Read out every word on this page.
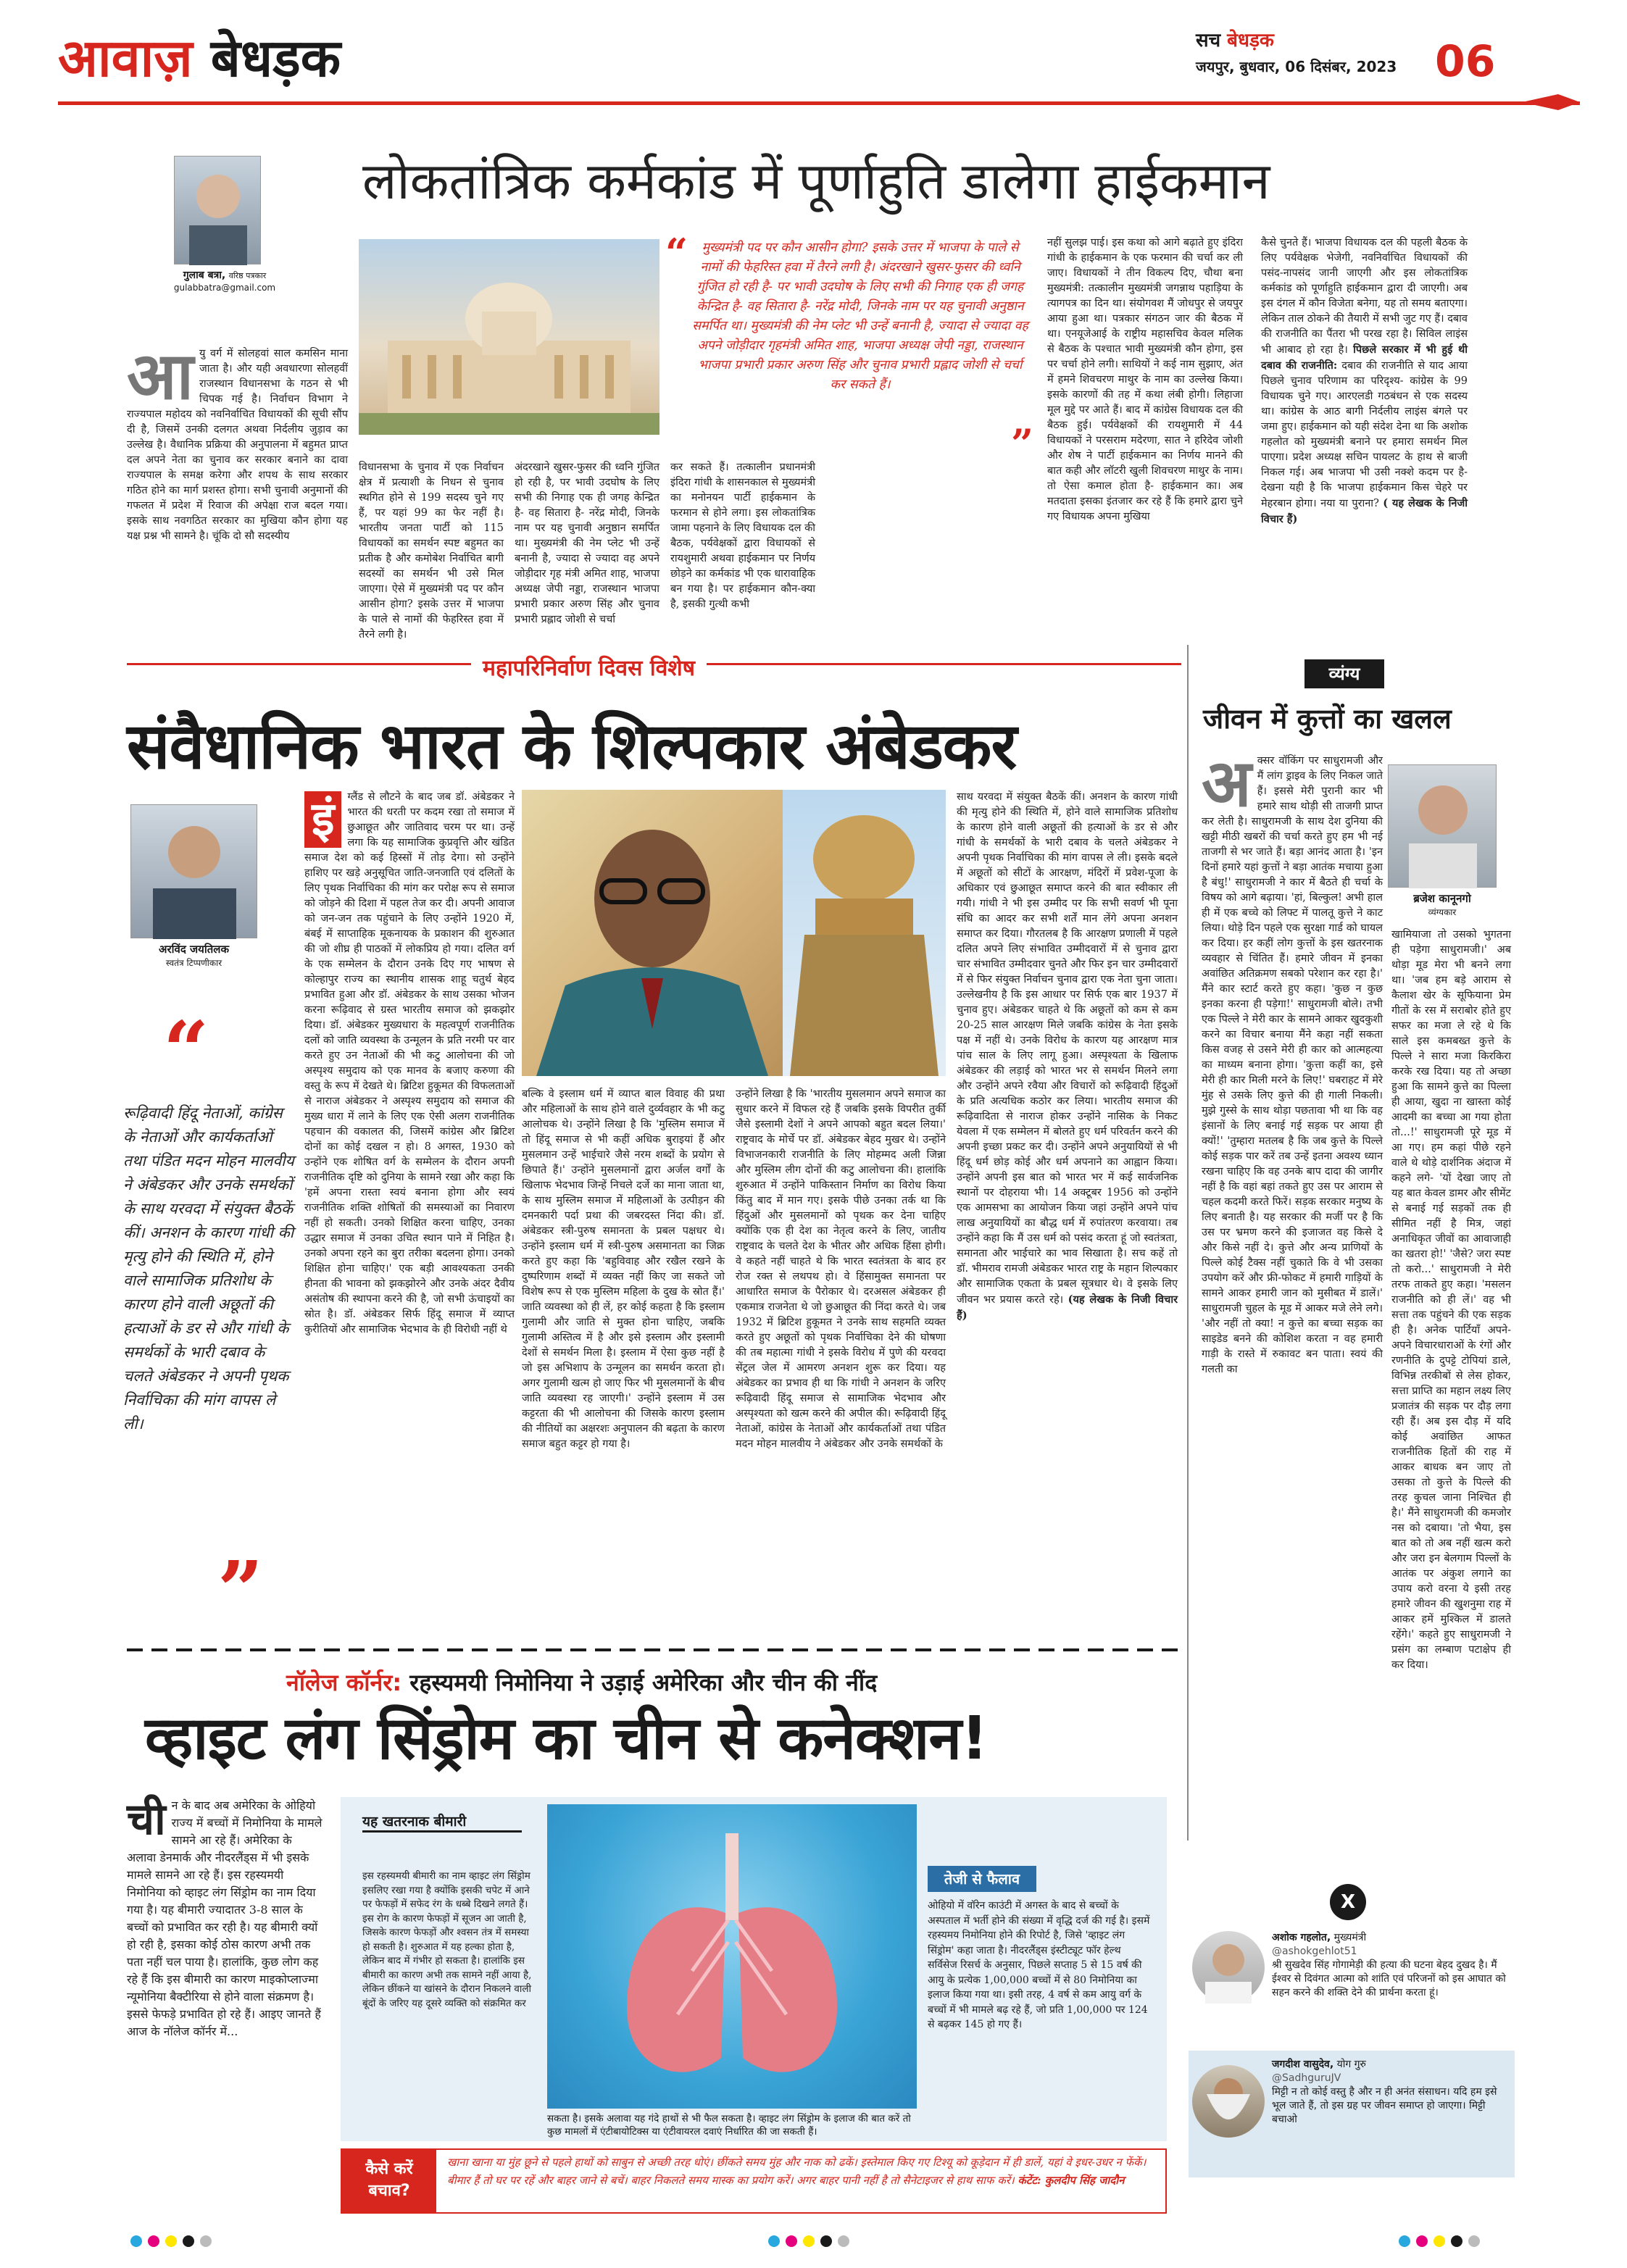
आवाज़ बेधड़क	सच बेधड़क
जयपुर, बुधवार, 06 दिसंबर, 2023 06
गुलाब बत्रा, वरिष्ठ पत्रकार
gulabbatra@gmail.com
लोकतांत्रिक कर्मकांड में पूर्णाहुति डालेगा हाईकमान
“	मुख्यमंत्री पद पर कौन आसीन होगा? इसके उत्तर में भाजपा के पाले से नामों की फेहरिस्त हवा में तैरने लगी है। अंदरखाने खुसर-फुसर की ध्वनि गुंजित हो रही है- पर भावी उदघोष के लिए सभी की निगाह एक ही जगह केन्द्रित है- वह सितारा है- नरेंद्र मोदी, जिनके नाम पर यह चुनावी अनुष्ठान समर्पित था। मुख्यमंत्री की नेम प्लेट भी उन्हें बनानी है, ज्यादा से ज्यादा वह अपने जोड़ीदार गृहमंत्री अमित शाह, भाजपा अध्यक्ष जेपी नड्डा, राजस्थान भाजपा प्रभारी प्रकार अरुण सिंह और चुनाव प्रभारी प्रह्लाद जोशी से चर्चा कर सकते हैं।
”
आ यु वर्ग में सोलहवां साल कमसिन माना जाता है। और यही अवधारणा सोलहवीं राजस्थान विधानसभा के गठन से भी चिपक गई है। निर्वाचन विभाग ने राज्यपाल महोदय को नवनिर्वाचित विधायकों की सूची सौंप दी है, जिसमें उनकी दलगत अथवा निर्दलीय जुड़ाव का उल्लेख है। वैधानिक प्रक्रिया की अनुपालना में बहुमत प्राप्त दल अपने नेता का चुनाव कर सरकार बनाने का दावा राज्यपाल के समक्ष करेगा और शपथ के साथ सरकार गठित होने का मार्ग प्रशस्त होगा। सभी चुनावी अनुमानों की गफलत में प्रदेश में रिवाज की अपेक्षा राज बदल गया। इसके साथ नवगठित सरकार का मुखिया कौन होगा यह यक्ष प्रश्न भी सामने है। चूंकि दो सौ सदस्यीय
विधानसभा के चुनाव में एक निर्वाचन क्षेत्र में प्रत्याशी के निधन से चुनाव स्थगित होने से 199 सदस्य चुने गए हैं, पर यहां 99 का फेर नहीं है। भारतीय जनता पार्टी को 115 विधायकों का समर्थन स्पष्ट बहुमत का प्रतीक है और कमोबेश निर्वाचित बागी सदस्यों का समर्थन भी उसे मिल जाएगा। ऐसे में मुख्यमंत्री पद पर कौन आसीन होगा? इसके उत्तर में भाजपा के पाले से नामों की फेहरिस्त हवा में तैरने लगी है।
अंदरखाने खुसर-फुसर की ध्वनि गुंजित हो रही है, पर भावी उदघोष के लिए सभी की निगाह एक ही जगह केन्द्रित है- वह सितारा है- नरेंद्र मोदी, जिनके नाम पर यह चुनावी अनुष्ठान समर्पित था। मुख्यमंत्री की नेम प्लेट भी उन्हें बनानी है, ज्यादा से ज्यादा वह अपने जोड़ीदार गृह मंत्री अमित शाह, भाजपा अध्यक्ष जेपी नड्डा, राजस्थान भाजपा प्रभारी प्रकार अरुण सिंह और चुनाव प्रभारी प्रह्लाद जोशी से चर्चा
कर सकते हैं। तत्कालीन प्रधानमंत्री इंदिरा गांधी के शासनकाल से मुख्यमंत्री का मनोनयन पार्टी हाईकमान के फरमान से होने लगा। इस लोकतांत्रिक जामा पहनाने के लिए विधायक दल की बैठक, पर्यवेक्षकों द्वारा विधायकों से रायशुमारी अथवा हाईकमान पर निर्णय छोड़ने का कर्मकांड भी एक धारावाहिक बन गया है। पर हाईकमान कौन-क्या है, इसकी गुत्थी कभी
नहीं सुलझ पाई। इस कथा को आगे बढ़ाते हुए इंदिरा गांधी के हाईकमान के एक फरमान की चर्चा कर ली जाए। विधायकों ने तीन विकल्प दिए, चौथा बना मुख्यमंत्री: तत्कालीन मुख्यमंत्री जगन्नाथ पहाड़िया के त्यागपत्र का दिन था। संयोगवश मैं जोधपुर से जयपुर आया हुआ था। पत्रकार संगठन जार की बैठक में था। एनयूजेआई के राष्ट्रीय महासचिव केवल मलिक से बैठक के पश्चात भावी मुख्यमंत्री कौन होगा, इस पर चर्चा होने लगी। साथियों ने कई नाम सुझाए, अंत में हमने शिवचरण माथुर के नाम का उल्लेख किया। इसके कारणों की तह में कथा लंबी होगी। लिहाजा मूल मुद्दे पर आते हैं। बाद में कांग्रेस विधायक दल की बैठक हुई। पर्यवेक्षकों की रायशुमारी में 44 विधायकों ने परसराम मदेरणा, सात ने हरिदेव जोशी और शेष ने पार्टी हाईकमान का निर्णय मानने की बात कही और लॉटरी खुली शिवचरण माथुर के नाम। तो ऐसा कमाल होता है- हाईकमान का। अब मतदाता इसका इंतजार कर रहे हैं कि हमारे द्वारा चुने गए विधायक अपना मुखिया
कैसे चुनते हैं। भाजपा विधायक दल की पहली बैठक के लिए पर्यवेक्षक भेजेगी, नवनिर्वाचित विधायकों की पसंद-नापसंद जानी जाएगी और इस लोकतांत्रिक कर्मकांड को पूर्णाहुति हाईकमान द्वारा दी जाएगी। अब इस दंगल में कौन विजेता बनेगा, यह तो समय बताएगा। लेकिन ताल ठोकने की तैयारी में सभी जुट गए हैं। दबाव की राजनीति का पैंतरा भी परख रहा है। सिविल लाइंस भी आबाद हो रहा है। पिछले सरकार में भी हुई थी दबाव की राजनीति: दबाव की राजनीति से याद आया पिछले चुनाव परिणाम का परिदृश्य- कांग्रेस के 99 विधायक चुने गए। आरएलडी गठबंधन से एक सदस्य था। कांग्रेस के आठ बागी निर्दलीय लाइंस बंगले पर जमा हुए। हाईकमान को यही संदेश देना था कि अशोक गहलोत को मुख्यमंत्री बनाने पर हमारा समर्थन मिल पाएगा। प्रदेश अध्यक्ष सचिन पायलट के हाथ से बाजी निकल गई। अब भाजपा भी उसी नक्शे कदम पर है- देखना यही है कि भाजपा हाईकमान किस चेहरे पर मेहरबान होगा। नया या पुराना? ( यह लेखक के निजी विचार हैं)
महापरिनिर्वाण दिवस विशेष
संवैधानिक भारत के शिल्पकार अंबेडकर
अरविंद जयतिलक
स्वतंत्र टिप्पणीकार
“
रूढ़िवादी हिंदू नेताओं, कांग्रेस के नेताओं और कार्यकर्ताओं तथा पंडित मदन मोहन मालवीय ने अंबेडकर और उनके समर्थकों के साथ यरवदा में संयुक्त बैठकें कीं। अनशन के कारण गांधी की मृत्यु होने की स्थिति में, होने वाले सामाजिक प्रतिशोध के कारण होने वाली अछूतों की हत्याओं के डर से और गांधी के समर्थकों के भारी दबाव के चलते अंबेडकर ने अपनी पृथक निर्वाचिका की मांग वापस ले ली।
”
इं	ग्लैंड से लौटने के बाद जब डॉ. अंबेडकर ने भारत की धरती पर कदम रखा तो समाज में छुआछूत और जातिवाद चरम पर था। उन्हें लगा कि यह सामाजिक कुप्रवृत्ति और खंडित समाज देश को कई हिस्सों में तोड़ देगा। सो उन्होंने हाशिए पर खड़े अनुसूचित जाति-जनजाति एवं दलितों के लिए पृथक निर्वाचिका की मांग कर परोक्ष रूप से समाज को जोड़ने की दिशा में पहल तेज कर दी। अपनी आवाज को जन-जन तक पहुंचाने के लिए उन्होंने 1920 में, बंबई में साप्ताहिक मूकनायक के प्रकाशन की शुरुआत की जो शीघ्र ही पाठकों में लोकप्रिय हो गया। दलित वर्ग के एक सम्मेलन के दौरान उनके दिए गए भाषण से कोल्हापुर राज्य का स्थानीय शासक शाहू चतुर्थ बेहद प्रभावित हुआ और डॉ. अंबेडकर के साथ उसका भोजन करना रूढ़िवाद से ग्रस्त भारतीय समाज को झकझोर दिया। डॉ. अंबेडकर मुख्यधारा के महत्वपूर्ण राजनीतिक दलों को जाति व्यवस्था के उन्मूलन के प्रति नरमी पर वार करते हुए उन नेताओं की भी कटु आलोचना की जो अस्पृश्य समुदाय को एक मानव के बजाए करुणा की वस्तु के रूप में देखते थे। ब्रिटिश हुकूमत की विफलताओं से नाराज अंबेडकर ने अस्पृश्य समुदाय को समाज की मुख्य धारा में लाने के लिए एक ऐसी अलग राजनीतिक पहचान की वकालत की, जिसमें कांग्रेस और ब्रिटिश दोनों का कोई दखल न हो। 8 अगस्त, 1930 को उन्होंने एक शोषित वर्ग के सम्मेलन के दौरान अपनी राजनीतिक दृष्टि को दुनिया के सामने रखा और कहा कि 'हमें अपना रास्ता स्वयं बनाना होगा और स्वयं राजनीतिक शक्ति शोषितों की समस्याओं का निवारण नहीं हो सकती। उनको शिक्षित करना चाहिए, उनका उद्धार समाज में उनका उचित स्थान पाने में निहित है। उनको अपना रहने का बुरा तरीका बदलना होगा। उनको शिक्षित होना चाहिए।' एक बड़ी आवश्यकता उनकी हीनता की भावना को झकझोरने और उनके अंदर दैवीय असंतोष की स्थापना करने की है, जो सभी ऊंचाइयों का स्रोत है। डॉ. अंबेडकर सिर्फ हिंदू समाज में व्याप्त कुरीतियों और सामाजिक भेदभाव के ही विरोधी नहीं थे
बल्कि वे इस्लाम धर्म में व्याप्त बाल विवाह की प्रथा और महिलाओं के साथ होने वाले दुर्व्यवहार के भी कटु आलोचक थे। उन्होंने लिखा है कि 'मुस्लिम समाज में तो हिंदू समाज से भी कहीं अधिक बुराइयां हैं और मुसलमान उन्हें भाईचारे जैसे नरम शब्दों के प्रयोग से छिपाते हैं।' उन्होंने मुसलमानों द्वारा अर्जल वर्गों के खिलाफ भेदभाव जिन्हें निचले दर्जे का माना जाता था, के साथ मुस्लिम समाज में महिलाओं के उत्पीड़न की दमनकारी पर्दा प्रथा की जबरदस्त निंदा की। डॉ. अंबेडकर स्त्री-पुरुष समानता के प्रबल पक्षधर थे। उन्होंने इस्लाम धर्म में स्त्री-पुरुष असमानता का जिक्र करते हुए कहा कि 'बहुविवाह और रखैल रखने के दुष्परिणाम शब्दों में व्यक्त नहीं किए जा सकते जो विशेष रूप से एक मुस्लिम महिला के दुख के स्रोत हैं।' जाति व्यवस्था को ही लें, हर कोई कहता है कि इस्लाम गुलामी और जाति से मुक्त होना चाहिए, जबकि गुलामी अस्तित्व में है और इसे इस्लाम और इस्लामी देशों से समर्थन मिला है। इस्लाम में ऐसा कुछ नहीं है जो इस अभिशाप के उन्मूलन का समर्थन करता हो। अगर गुलामी खत्म हो जाए फिर भी मुसलमानों के बीच जाति व्यवस्था रह जाएगी।' उन्होंने इस्लाम में उस कट्टरता की भी आलोचना की जिसके कारण इस्लाम की नीतियों का अक्षरशः अनुपालन की बढ़ता के कारण समाज बहुत कट्टर हो गया है।
उन्होंने लिखा है कि 'भारतीय मुसलमान अपने समाज का सुधार करने में विफल रहे हैं जबकि इसके विपरीत तुर्की जैसे इस्लामी देशों ने अपने आपको बहुत बदल लिया।' राष्ट्रवाद के मोर्चे पर डॉ. अंबेडकर बेहद मुखर थे। उन्होंने विभाजनकारी राजनीति के लिए मोहम्मद अली जिन्ना और मुस्लिम लीग दोनों की कटु आलोचना की। हालांकि शुरुआत में उन्होंने पाकिस्तान निर्माण का विरोध किया किंतु बाद में मान गए। इसके पीछे उनका तर्क था कि हिंदुओं और मुसलमानों को पृथक कर देना चाहिए क्योंकि एक ही देश का नेतृत्व करने के लिए, जातीय राष्ट्रवाद के चलते देश के भीतर और अधिक हिंसा होगी। वे कहते नहीं चाहते थे कि भारत स्वतंत्रता के बाद हर रोज रक्त से लथपथ हो। वे हिंसामुक्त समानता पर आधारित समाज के पैरोकार थे। दरअसल अंबेडकर ही एकमात्र राजनेता थे जो छुआछूत की निंदा करते थे। जब 1932 में ब्रिटिश हुकूमत ने उनके साथ सहमति व्यक्त करते हुए अछूतों को पृथक निर्वाचिका देने की घोषणा की तब महात्मा गांधी ने इसके विरोध में पुणे की यरवदा सेंट्रल जेल में आमरण अनशन शुरू कर दिया। यह अंबेडकर का प्रभाव ही था कि गांधी ने अनशन के जरिए रूढ़िवादी हिंदू समाज से सामाजिक भेदभाव और अस्पृश्यता को खत्म करने की अपील की। रूढ़िवादी हिंदू नेताओं, कांग्रेस के नेताओं और कार्यकर्ताओं तथा पंडित मदन मोहन मालवीय ने अंबेडकर और उनके समर्थकों के
साथ यरवदा में संयुक्त बैठकें कीं। अनशन के कारण गांधी की मृत्यु होने की स्थिति में, होने वाले सामाजिक प्रतिशोध के कारण होने वाली अछूतों की हत्याओं के डर से और गांधी के समर्थकों के भारी दबाव के चलते अंबेडकर ने अपनी पृथक निर्वाचिका की मांग वापस ले ली। इसके बदले में अछूतों को सीटों के आरक्षण, मंदिरों में प्रवेश-पूजा के अधिकार एवं छुआछूत समाप्त करने की बात स्वीकार ली गयी। गांधी ने भी इस उम्मीद पर कि सभी सवर्ण भी पूना संधि का आदर कर सभी शर्तें मान लेंगे अपना अनशन समाप्त कर दिया। गौरतलब है कि आरक्षण प्रणाली में पहले दलित अपने लिए संभावित उम्मीदवारों में से चुनाव द्वारा चार संभावित उम्मीदवार चुनते और फिर इन चार उम्मीदवारों में से फिर संयुक्त निर्वाचन चुनाव द्वारा एक नेता चुना जाता। उल्लेखनीय है कि इस आधार पर सिर्फ एक बार 1937 में चुनाव हुए। अंबेडकर चाहते थे कि अछूतों को कम से कम 20-25 साल आरक्षण मिले जबकि कांग्रेस के नेता इसके पक्ष में नहीं थे। उनके विरोध के कारण यह आरक्षण मात्र पांच साल के लिए लागू हुआ। अस्पृश्यता के खिलाफ अंबेडकर की लड़ाई को भारत भर से समर्थन मिलने लगा और उन्होंने अपने रवैया और विचारों को रूढ़िवादी हिंदुओं के प्रति अत्यधिक कठोर कर लिया। भारतीय समाज की रूढ़िवादिता से नाराज होकर उन्होंने नासिक के निकट येवला में एक सम्मेलन में बोलते हुए धर्म परिवर्तन करने की अपनी इच्छा प्रकट कर दी। उन्होंने अपने अनुयायियों से भी हिंदू धर्म छोड़ कोई और धर्म अपनाने का आह्वान किया। उन्होंने अपनी इस बात को भारत भर में कई सार्वजनिक स्थानों पर दोहराया भी। 14 अक्टूबर 1956 को उन्होंने एक आमसभा का आयोजन किया जहां उन्होंने अपने पांच लाख अनुयायियों का बौद्ध धर्म में रुपांतरण करवाया। तब उन्होंने कहा कि मैं उस धर्म को पसंद करता हूं जो स्वतंत्रता, समानता और भाईचारे का भाव सिखाता है। सच कहें तो डॉ. भीमराव रामजी अंबेडकर भारत राष्ट्र के महान शिल्पकार और सामाजिक एकता के प्रबल सूत्रधार थे। वे इसके लिए जीवन भर प्रयास करते रहे। (यह लेखक के निजी विचार हैं)
व्यंग्य
जीवन में कुत्तों का खलल
ब्रजेश कानूनगो
व्यंग्यकार
अ क्सर वॉकिंग पर साधुरामजी और मैं लांग ड्राइव के लिए निकल जाते हैं। इससे मेरी पुरानी कार भी हमारे साथ थोड़ी सी ताजगी प्राप्त कर लेती है। साधुरामजी के साथ देश दुनिया की खट्टी मीठी खबरों की चर्चा करते हुए हम भी नई ताजगी से भर जाते हैं। बड़ा आनंद आता है। 'इन दिनों हमारे यहां कुत्तों ने बड़ा आतंक मचाया हुआ है बंधु!' साधुरामजी ने कार में बैठते ही चर्चा के विषय को आगे बढ़ाया। 'हां, बिल्कुल! अभी हाल ही में एक बच्चे को लिफ्ट में पालतू कुत्ते ने काट लिया। थोड़े दिन पहले एक सुरक्षा गार्ड को घायल कर दिया। हर कहीं लोग कुत्तों के इस खतरनाक व्यवहार से चिंतित हैं। हमारे जीवन में इनका अवांछित अतिक्रमण सबको परेशान कर रहा है।' मैंने कार स्टार्ट करते हुए कहा। 'कुछ न कुछ इनका करना ही पड़ेगा!' साधुरामजी बोले। तभी एक पिल्ले ने मेरी कार के सामने आकर खुदकुशी करने का विचार बनाया मैंने कहा नहीं सकता किस वजह से उसने मेरी ही कार को आत्महत्या का माध्यम बनाना होगा। 'कुत्ता कहीं का, इसे मेरी ही कार मिली मरने के लिए!' घबराहट में मेरे मुंह से उसके लिए कुत्ते की ही गाली निकली। मुझे गुस्से के साथ थोड़ा पछतावा भी था कि वह इंसानों के लिए बनाई गई सड़क पर आया ही क्यों!' 'तुम्हारा मतलब है कि जब कुत्ते के पिल्ले कोई सड़क पार करें तब उन्हें इतना अवश्य ध्यान रखना चाहिए कि वह उनके बाप दादा की जागीर नहीं है कि वहां बहां तकते हुए उस पर आराम से चहल कदमी करते फिरें। सड़क सरकार मनुष्य के लिए बनाती है। यह सरकार की मर्जी पर है कि उस पर भ्रमण करने की इजाजत वह किसे दे और किसे नहीं दे। कुत्ते और अन्य प्राणियों के पिल्ले कोई टैक्स नहीं चुकाते कि वे भी उसका उपयोग करें और फ्री-फोकट में हमारी गाड़ियों के सामने आकर हमारी जान को मुसीबत में डालें।' साधुरामजी चुहल के मूड में आकर मजे लेने लगे। 'और नहीं तो क्या! न कुत्ते का बच्चा सड़क का साइडेड बनने की कोशिश करता न वह हमारी गाड़ी के रास्ते में रुकावट बन पाता। स्वयं की गलती का
खामियाजा तो उसको भुगतना ही पड़ेगा साधुरामजी।' अब थोड़ा मूड मेरा भी बनने लगा था। 'जब हम बड़े आराम से कैलाश खेर के सूफियाना प्रेम गीतों के रस में सराबोर होते हुए सफर का मजा ले रहे थे कि साले इस कमबख्त कुत्ते के पिल्ले ने सारा मजा किरकिरा करके रख दिया। यह तो अच्छा हुआ कि सामने कुत्ते का पिल्ला ही आया, खुदा ना खास्ता कोई आदमी का बच्चा आ गया होता तो...!' साधुरामजी पूरे मूड में आ गए। हम कहां पीछे रहने वाले थे थोड़े दार्शनिक अंदाज में कहने लगे- 'यों देखा जाए तो यह बात केवल डामर और सीमेंट से बनाई गई सड़कों तक ही सीमित नहीं है मित्र, जहां अनाधिकृत जीवों का आवाजाही का खतरा हो!' 'जैसे? जरा स्पष्ट तो करो...' साधुरामजी ने मेरी तरफ ताकते हुए कहा। 'मसलन राजनीति को ही लें।' वह भी सत्ता तक पहुंचने की एक सड़क ही है। अनेक पार्टियाँ अपने-अपने विचारधाराओं के रंगों और रणनीति के दुपट्टे टोपियां डाले, विभिन्न तरकीबों से लेस होकर, सत्ता प्राप्ति का महान लक्ष्य लिए प्रजातंत्र की सड़क पर दौड़ लगा रही हैं। अब इस दौड़ में यदि कोई अवांछित आफत राजनीतिक हितों की राह में आकर बाधक बन जाए तो उसका तो कुत्ते के पिल्ले की तरह कुचल जाना निश्चित ही है।' मैंने साधुरामजी की कमजोर नस को दबाया। 'तो भैया, इस बात को तो अब नहीं खत्म करो और जरा इन बेलगाम पिल्लों के आतंक पर अंकुश लगाने का उपाय करो वरना ये इसी तरह हमारे जीवन की खुशनुमा राह में आकर हमें मुश्किल में डालते रहेंगे।' कहते हुए साधुरामजी ने प्रसंग का लम्बाण पटाक्षेप ही कर दिया।
नॉलेज कॉर्नर: रहस्यमयी निमोनिया ने उड़ाई अमेरिका और चीन की नींद
व्हाइट लंग सिंड्रोम का चीन से कनेक्शन!
ची न के बाद अब अमेरिका के ओहियो राज्य में बच्चों में निमोनिया के मामले सामने आ रहे हैं। अमेरिका के अलावा डेनमार्क और नीदरलैंड्स में भी इसके मामले सामने आ रहे हैं। इस रहस्यमयी निमोनिया को व्हाइट लंग सिंड्रोम का नाम दिया गया है। यह बीमारी ज्यादातर 3-8 साल के बच्चों को प्रभावित कर रही है। यह बीमारी क्यों हो रही है, इसका कोई ठोस कारण अभी तक पता नहीं चल पाया है। हालांकि, कुछ लोग कह रहे हैं कि इस बीमारी का कारण माइकोप्लाज्मा न्यूमोनिया बैक्टीरिया से होने वाला संक्रमण है। इससे फेफड़े प्रभावित हो रहे हैं। आइए जानते हैं आज के नॉलेज कॉर्नर में...
यह खतरनाक बीमारी
इस रहस्यमयी बीमारी का नाम व्हाइट लंग सिंड्रोम इसलिए रखा गया है क्योंकि इसकी चपेट में आने पर फेफड़ों में सफेद रंग के धब्बे दिखने लगते हैं। इस रोग के कारण फेफड़ों में सूजन आ जाती है, जिसके कारण फेफड़ों और श्वसन तंत्र में समस्या हो सकती है। शुरुआत में यह हल्का होता है, लेकिन बाद में गंभीर हो सकता है। हालांकि इस बीमारी का कारण अभी तक सामने नहीं आया है, लेकिन छींकने या खांसने के दौरान निकलने वाली बूंदों के जरिए यह दूसरे व्यक्ति को संक्रमित कर
सकता है। इसके अलावा यह गंदे हाथों से भी फैल सकता है। व्हाइट लंग सिंड्रोम के इलाज की बात करें तो कुछ मामलों में एंटीबायोटिक्स या एंटीवायरल दवाएं निर्धारित की जा सकती हैं।
तेजी से फैलाव
ओहियो में वॉरेन काउंटी में अगस्त के बाद से बच्चों के अस्पताल में भर्ती होने की संख्या में वृद्धि दर्ज की गई है। इसमें रहस्यमय निमोनिया होने की रिपोर्ट है, जिसे 'व्हाइट लंग सिंड्रोम' कहा जाता है। नीदरलैंड्स इंस्टीट्यूट फॉर हेल्थ सर्विसेज रिसर्च के अनुसार, पिछले सप्ताह 5 से 15 वर्ष की आयु के प्रत्येक 1,00,000 बच्चों में से 80 निमोनिया का इलाज किया गया था। इसी तरह, 4 वर्ष से कम आयु वर्ग के बच्चों में भी मामले बढ़ रहे हैं, जो प्रति 1,00,000 पर 124 से बढ़कर 145 हो गए हैं।
कैसे करें
बचाव?
खाना खाना या मुंह छूने से पहले हाथों को साबुन से अच्छी तरह धोएं। छींकते समय मुंह और नाक को ढकें। इस्तेमाल किए गए टिश्यू को कूड़ेदान में ही डालें, यहां वे इधर-उधर न फेंकें। बीमार हैं तो घर पर रहें और बाहर जाने से बचें। बाहर निकलते समय मास्क का प्रयोग करें। अगर बाहर पानी नहीं है तो सैनेटाइजर से हाथ साफ करें। कंटेंट: कुलदीप सिंह जादौन
X
अशोक गहलोत, मुख्यमंत्री
@ashokgehlot51
श्री सुखदेव सिंह गोगामेड़ी की हत्या की घटना बेहद दुखद है। मैं ईश्वर से दिवंगत आत्मा को शांति एवं परिजनों को इस आघात को सहन करने की शक्ति देने की प्रार्थना करता हूं।
जगदीश वासुदेव, योग गुरु
@SadhguruJV
मिट्टी न तो कोई वस्तु है और न ही अनंत संसाधन। यदि हम इसे भूल जाते हैं, तो इस ग्रह पर जीवन समाप्त हो जाएगा। मिट्टी बचाओ
